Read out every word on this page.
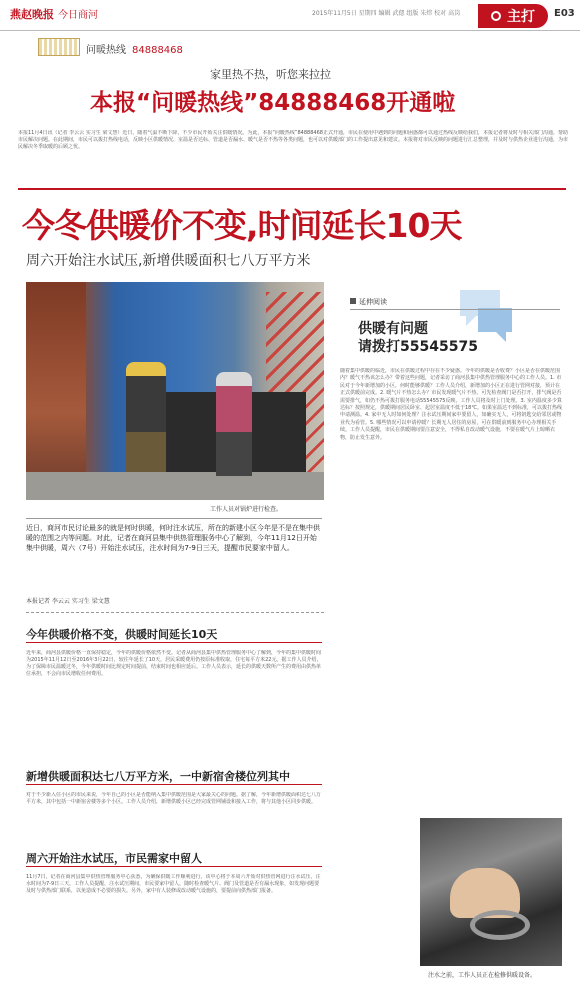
燕赵晚报 今日商河	2015年11月5日 星期四 编辑 武偲 组版 朱炜 校对 高岗	主打 E03
问暖热线 84888468
家里热不热，听您来拉拉
本报“问暖热线”84888468开通啦
本报11月4日讯（记者 李云云 实习生 梁文慧）近日，随着气温不断下降，不少市民开始关注供暖情况。为此，本报“问暖热线”84888468正式开通，市民在使用中遇到的问题和困惑都可以通过热线反映给我们，本报记者将及时与相关部门沟通，帮助市民解决问题。在此期间，市民可以拨打热线电话，反映小区供暖情况、室温是否达标、管道是否漏水、暖气是否不热等各类问题，也可以对供暖部门的工作提出意见和建议。本报将对市民反映的问题进行汇总整理，并及时与供热企业进行沟通，为市民解决冬季取暖的后顾之忧。
今冬供暖价不变,时间延长10天
周六开始注水试压,新增供暖面积七八万平方米
工作人员对锅炉进行检查。
近日，商河市民讨论最多的就是何时供暖，何时注水试压，所在的新建小区今年是不是在集中供暖的范围之内等问题。对此，记者在商河县集中供热管理服务中心了解到，今年11月12日开始集中供暖，周六（7号）开始注水试压，注水时间为7-9日三天，提醒市民要家中留人。
本报记者 李云云 实习生 梁文慧
今年供暖价格不变，供暖时间延长10天
近年来，商河县供暖价格一直保持稳定，今年的供暖价格依然不变。记者从商河县集中供热管理服务中心了解到，今年的集中供暖时间为2015年11月12日至2016年3月22日，较往年延长了10天，居民采暖费用仍按原标准收取，住宅每平方米22元。据工作人员介绍，为了保障市民温暖过冬，今年供暖时间比规定时间提前，结束时间也相应延后。工作人员表示，延长的供暖天数所产生的费用由供热单位承担，不会向市民增收任何费用。
新增供暖面积达七八万平方米，一中新宿舍楼位列其中
对于不少新入住小区的市民来说，今年自己的小区是否能纳入集中供暖范围是大家最关心的问题。据了解，今年新增供暖面积达七八万平方米，其中包括一中新宿舍楼等多个小区。工作人员介绍，新增供暖小区已经完成管网铺设和接入工作，将与其他小区同步供暖。
周六开始注水试压，市民需家中留人
11月7日，记者在商河县集中供热管理服务中心获悉，为确保供暖工作顺利进行，该中心将于本周六开始对供热管网进行注水试压，注水时间为7-9日三天。工作人员提醒，注水试压期间，市民要家中留人，随时检查暖气片、阀门及管道是否有漏水现象，如发现问题要及时与供热部门联系，以免造成不必要的损失。另外，家中有人装修或改动暖气设施的，要提前向供热部门报备。
延伸阅读
供暖有问题
请拨打55545575
随着集中供暖的临近，市民在供暖过程中存在不少疑惑。今年的供暖是否收费？小区是否在供暖范围内？暖气不热该怎么办？带着这些问题，记者采访了商河县集中供热管理服务中心的工作人员。1. 市民对于今年新增加的小区，何时能够供暖？工作人员介绍，新增加的小区正在进行管网对接，预计在正式供暖前完成。2. 暖气片不热怎么办？市民发现暖气片不热，可先检查阀门是否打开，排气阀是否需要排气，如仍不热可拨打服务电话55545575反映，工作人员将及时上门处理。3. 室内温度多少算达标？按照规定，供暖期间居民卧室、起居室温度不低于18℃。如果室温达不到标准，可以拨打热线申请测温。4. 家中无人时如何处理？注水试压期间家中要留人，如确实无人，可将钥匙交给邻居或物业代为看管。5. 哪些情况可以申请停暖？长期无人居住的房屋，可在供暖前到服务中心办理相关手续。工作人员提醒，市民在供暖期间要注意安全，不得私自改动暖气设施，不要在暖气片上晾晒衣物，防止发生意外。
注水之前，工作人员正在检修供暖设备。
